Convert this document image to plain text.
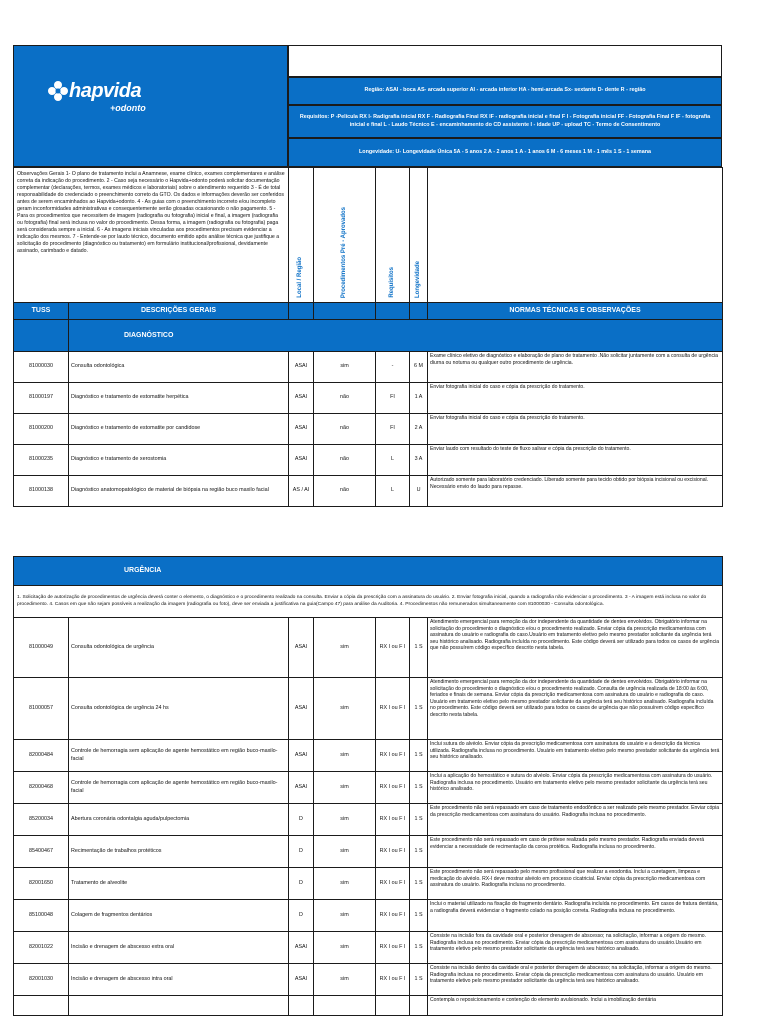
hapvida
+odonto
Região: ASAI - boca AS- arcada superior AI - arcada inferior HA - hemi-arcada Sx- sextante D- dente R - região
Requisitos: P -Película RX I- Radigrafia inicial RX F - Radiografia Final RX IF - radiografia inicial e final F I - Fotografia inicial FF - Fotografia Final F IF - fotografia inicial e final L - Laudo Técnico E - encaminhamento do CD assistente I - idade UP - upload TC - Termo de Consentimento
Longevidade: U- Longevidade Única 5A - 5 anos 2 A - 2 anos 1 A - 1 anos 6 M - 6 meses 1 M - 1 mês 1 S - 1 semana
Observações Gerais 1- O plano de tratamento inclui a Anamnese, exame clínico, exames complementares e análise correta da indicação do procedimento. 2 - Caso seja necessário o Hapvida+odonto poderá solicitar documentação complementar (declarações, termos, exames médicos e laboratoriais) sobre o atendimento requerido 3 - É de total responsabilidade do credenciado o preenchimento correto da GTO. Os dados e informações deverão ser conferidos antes de serem encaminhados ao Hapvida+odonto. 4 - As guias com o preenchimento incorreto e/ou incompleto geram inconformidades administrativas e consequentemente serão glosadas ocasionando o não pagamento. 5 - Para os procedimentos que necessitem de imagem (radiografia ou fotografia) inicial e final, a imagem (radiografia ou fotografia) final será inclusa no valor do procedimento. Dessa forma, a imagem (radiografia ou fotografia) paga será considerada sempre a inicial. 6 - As imagens iniciais vinculadas aos procedimentos precisam evidenciar a indicação dos mesmos. 7 - Entende-se por laudo técnico, documento emitido após análise técnica que justifique a solicitação do procedimento (diagnóstico ou tratamento) em formulário institucional/profissional, devidamente assinado, carimbado e datado.		Local / Região	Procedimentos Pré - Aprovados	Requisitos	Longevidade	
TUSS	DESCRIÇÕES GERAIS					NORMAS TÉCNICAS E OBSERVAÇÕES
	DIAGNÓSTICO					
81000030	Consulta odontológica	ASAI	sim	-	6 M	Exame clínico eletivo de diagnóstico e elaboração de plano de tratamento .Não solicitar juntamente com a consulta de urgência diurna ou noturna ou qualquer outro procedimento de urgência.
81000197	Diagnóstico e tratamento de estomatite herpética	ASAI	não	FI	1 A	Enviar fotografia inicial do caso e cópia da prescrição do tratamento.
81000200	Diagnóstico e tratamento de estomatite por candidose	ASAI	não	FI	2 A	Enviar fotografia inicial do caso e cópia da prescrição do tratamento.
81000235	Diagnóstico e tratamento de xerostomia	ASAI	não	L	3 A	Enviar laudo com resultado do teste de fluxo salivar e cópia da prescrição do tratamento.
81000138	Diagnóstico anatomopatológico de material de biópsia na região buco maxilo facial	AS / AI	não	L	U	Autorizado somente para laboratório credenciado. Liberado somente para tecido obtido por biópsia incisional ou excisional. Necessário envio do laudo para repasse.
URGÊNCIA						
1. Solicitação de autorização de procedimentos de urgência deverá conter o elemento, o diagnóstico e o procedimento realizado na consulta. Enviar a cópia da prescrição com a assinatura do usuário. 2. Enviar fotografia inicial, quando a radiografia não evidenciar o procedimento. 3 - A imagem está inclusa no valor do procedimento. 4. Casos em que não sejam possíveis a realização da imagem (radiografia ou foto), deve ser enviada a justificativa na guia(Campo 47) para análise da Auditoria. 4. Procedimentos não remunerados simultaneamente com 81000030 - Consulta odontológica.						
81000049	Consulta odontológica de urgência	ASAI	sim	RX I ou F I	1 S	Atendimento emergencial para remoção da dor independente da quantidade de dentes envolvidos. Obrigatório informar na solicitação do procedimento o diagnóstico e/ou o procedimento realizado. Enviar cópia da prescrição medicamentosa com assinatura do usuário e radiografia do caso.Usuário em tratamento eletivo pelo mesmo prestador solicitante da urgência terá seu histórico analisado. Radiografia incluída no procedimento. Este código deverá ser utilizado para todos os casos de urgência que não possuírem código específico descrito nesta tabela.
81000057	Consulta odontológica de urgência 24 hs	ASAI	sim	RX I ou F I	1 S	Atendimento emergencial para remoção da dor independente da quantidade de dentes envolvidos. Obrigatório informar na solicitação do procedimento o diagnóstico e/ou o procedimento realizado. Consulta de urgência realizada de 18:00 às 6:00, feriados e finais de semana. Enviar cópia da prescrição medicamentosa com assinatura do usuário e radiografia do caso. Usuário em tratamento eletivo pelo mesmo prestador solicitante da urgência terá seu histórico analisado. Radiografia incluída no procedimento. Este código deverá ser utilizado para todos os casos de urgência que não possuírem código específico descrito nesta tabela.
82000484	Controle de hemorragia sem aplicação de agente hemostático em região buco-maxilo-facial	ASAI	sim	RX I ou F I	1 S	Inclui sutura do alvéolo. Enviar cópia da prescrição medicamentosa com assinatura do usuário e a descrição da técnica utilizada. Radiografia inclusa no procedimento. Usuário em tratamento eletivo pelo mesmo prestador solicitante da urgência terá seu histórico analisado.
82000468	Controle de hemorragia com aplicação de agente hemostático em região buco-maxilo-facial	ASAI	sim	RX I ou F I	1 S	Inclui a aplicação do hemostático e sutura do alvéolo. Enviar cópia da prescrição medicamentosa com assinatura do usuário. Radiografia inclusa no procedimento. Usuário em tratamento eletivo pelo mesmo prestador solicitante da urgência terá seu histórico analisado.
85200034	Abertura coronária odontalgia aguda/pulpectomia	D	sim	RX I ou F I	1 S	Este procedimento não será repassado em caso de tratamento endodôntico a ser realizado pelo mesmo prestador. Enviar cópia da prescrição medicamentosa com assinatura do usuário. Radiografia inclusa no procedimento.
85400467	Recimentação de trabalhos protéticos	D	sim	RX I ou F I	1 S	Este procedimento não será repassado em caso de prótese realizada pelo mesmo prestador. Radiografia enviada deverá evidenciar a necessidade de recimentação da coroa protética. Radiografia inclusa no procedimento.
82001650	Tratamento de alveolite	D	sim	RX I ou F I	1 S	Este procedimento não será repassado pelo mesmo profissional que realizar a exodontia. Inclui a curetagem, limpeza e medicação do alvéolo. RX-I deve mostrar alvéolo em processo cicatricial. Enviar cópia da prescrição medicamentosa com assinatura do usuário. Radiografia inclusa no procedimento.
85100048	Colagem de fragmentos dentários	D	sim	RX I ou F I	1 S	Inclui o material utilizado na fixação do fragmento dentário. Radiografia incluída no procedimento. Em casos de fratura dentária, a radiografia deverá evidenciar o fragmento colado na posição correta. Radiografia inclusa no procedimento.
82001022	Incisão e drenagem de abscesso extra oral	ASAI	sim	RX I ou F I	1 S	Consiste na incisão fora da cavidade oral e posterior drenagem de abscesso; na solicitação, informar a origem do mesmo. Radiografia inclusa no procedimento. Enviar cópia da prescrição medicamentosa com assinatura do usuário.Usuário em tratamento eletivo pelo mesmo prestador solicitante da urgência terá seu histórico analisado.
82001030	Incisão e drenagem de abscesso intra oral	ASAI	sim	RX I ou F I	1 S	Consiste na incisão dentro da cavidade oral e posterior drenagem de abscesso; na solicitação, informar a origem do mesmo. Radiografia inclusa no procedimento. Enviar cópia da prescrição medicamentosa com assinatura do usuário. Usuário em tratamento eletivo pelo mesmo prestador solicitante da urgência terá seu histórico analisado.
						Contempla o reposicionamento e contenção do elemento avulsionado. Inclui a imobilização dentária
